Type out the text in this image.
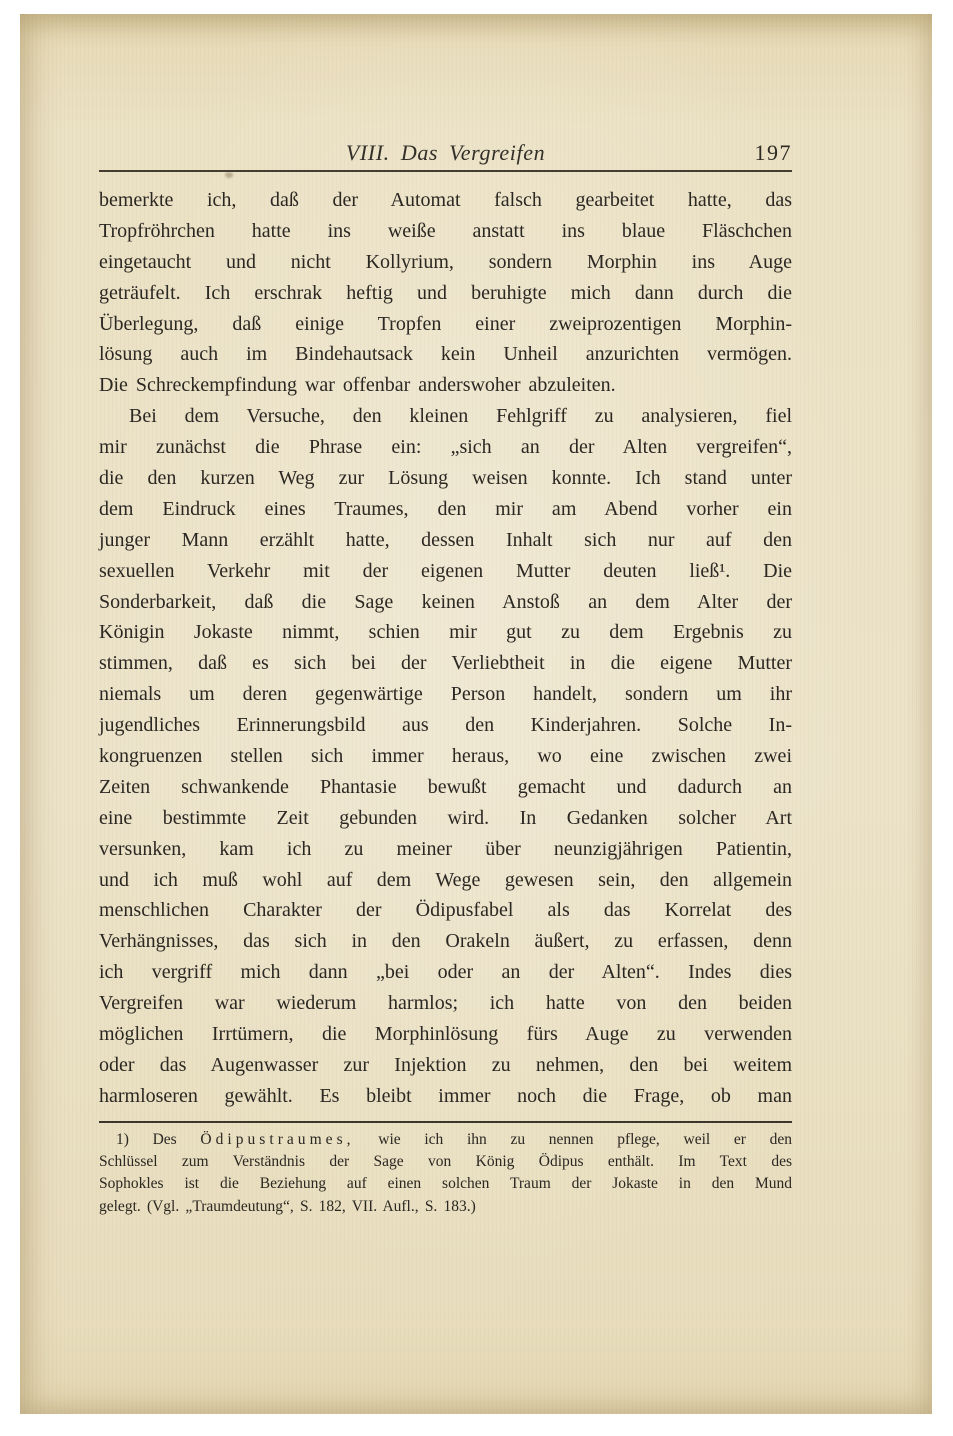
VIII. Das Vergreifen	197
bemerkte ich, daß der Automat falsch gearbeitet hatte, das
Tropfröhrchen hatte ins weiße anstatt ins blaue Fläschchen
eingetaucht und nicht Kollyrium, sondern Morphin ins Auge
geträufelt. Ich erschrak heftig und beruhigte mich dann durch die
Überlegung, daß einige Tropfen einer zweiprozentigen Morphin-
lösung auch im Bindehautsack kein Unheil anzurichten vermögen.
Die Schreckempfindung war offenbar anderswoher abzuleiten.
Bei dem Versuche, den kleinen Fehlgriff zu analysieren, fiel
mir zunächst die Phrase ein: „sich an der Alten vergreifen“,
die den kurzen Weg zur Lösung weisen konnte. Ich stand unter
dem Eindruck eines Traumes, den mir am Abend vorher ein
junger Mann erzählt hatte, dessen Inhalt sich nur auf den
sexuellen Verkehr mit der eigenen Mutter deuten ließ¹. Die
Sonderbarkeit, daß die Sage keinen Anstoß an dem Alter der
Königin Jokaste nimmt, schien mir gut zu dem Ergebnis zu
stimmen, daß es sich bei der Verliebtheit in die eigene Mutter
niemals um deren gegenwärtige Person handelt, sondern um ihr
jugendliches Erinnerungsbild aus den Kinderjahren. Solche In-
kongruenzen stellen sich immer heraus, wo eine zwischen zwei
Zeiten schwankende Phantasie bewußt gemacht und dadurch an
eine bestimmte Zeit gebunden wird. In Gedanken solcher Art
versunken, kam ich zu meiner über neunzigjährigen Patientin,
und ich muß wohl auf dem Wege gewesen sein, den allgemein
menschlichen Charakter der Ödipusfabel als das Korrelat des
Verhängnisses, das sich in den Orakeln äußert, zu erfassen, denn
ich vergriff mich dann „bei oder an der Alten“. Indes dies
Vergreifen war wiederum harmlos; ich hatte von den beiden
möglichen Irrtümern, die Morphinlösung fürs Auge zu verwenden
oder das Augenwasser zur Injektion zu nehmen, den bei weitem
harmloseren gewählt. Es bleibt immer noch die Frage, ob man
1) Des Ödipustraumes, wie ich ihn zu nennen pflege, weil er den
Schlüssel zum Verständnis der Sage von König Ödipus enthält. Im Text des
Sophokles ist die Beziehung auf einen solchen Traum der Jokaste in den Mund
gelegt. (Vgl. „Traumdeutung“, S. 182, VII. Aufl., S. 183.)
